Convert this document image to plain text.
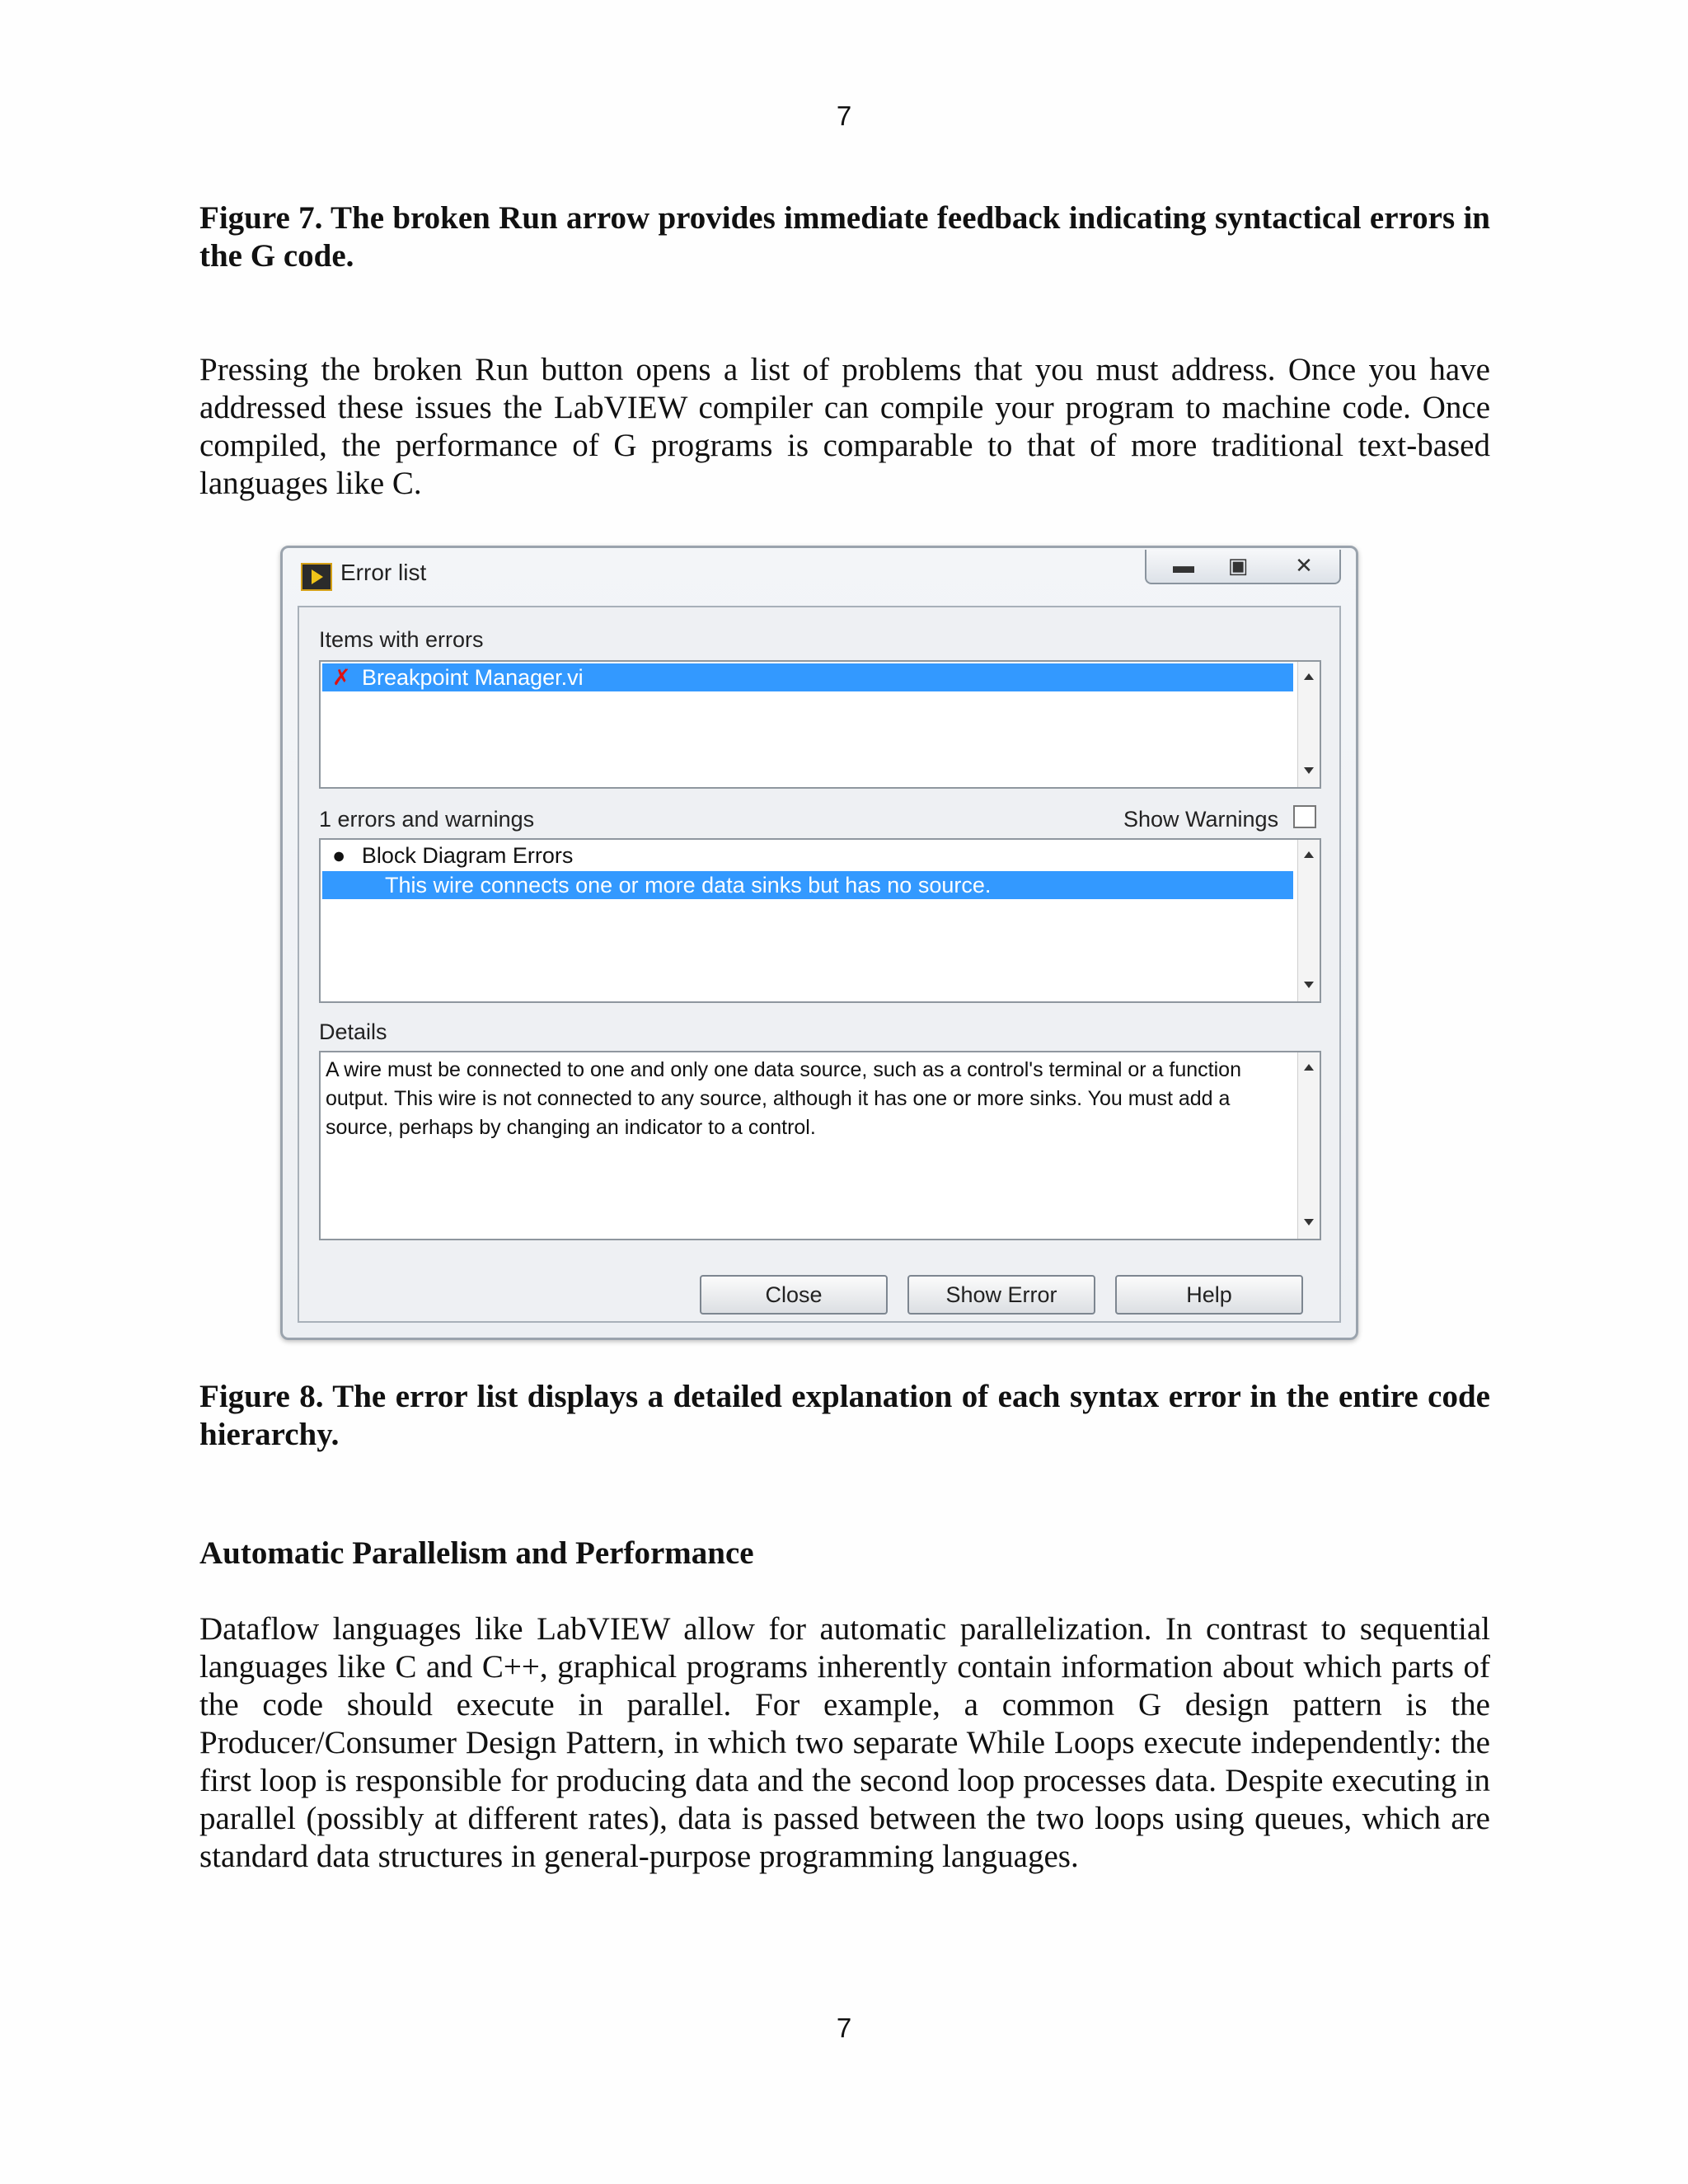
7
Figure 7. The broken Run arrow provides immediate feedback indicating syntactical errors in the G code.
Pressing the broken Run button opens a list of problems that you must address. Once you have addressed these issues the LabVIEW compiler can compile your program to machine code. Once compiled, the performance of G programs is comparable to that of more traditional text-based languages like C.
Error list	▬	▣	✕
Items with errors
✗ Breakpoint Manager.vi
1 errors and warnings	Show Warnings
● Block Diagram Errors
This wire connects one or more data sinks but has no source.
Details
A wire must be connected to one and only one data source, such as a control's terminal or a function output. This wire is not connected to any source, although it has one or more sinks. You must add a source, perhaps by changing an indicator to a control.
Close	Show Error	Help
Figure 8. The error list displays a detailed explanation of each syntax error in the entire code hierarchy.
Automatic Parallelism and Performance
Dataflow languages like LabVIEW allow for automatic parallelization. In contrast to sequential languages like C and C++, graphical programs inherently contain information about which parts of the code should execute in parallel. For example, a common G design pattern is the Producer/Consumer Design Pattern, in which two separate While Loops execute independently: the first loop is responsible for producing data and the second loop processes data. Despite executing in parallel (possibly at different rates), data is passed between the two loops using queues, which are standard data structures in general-purpose programming languages.
7
